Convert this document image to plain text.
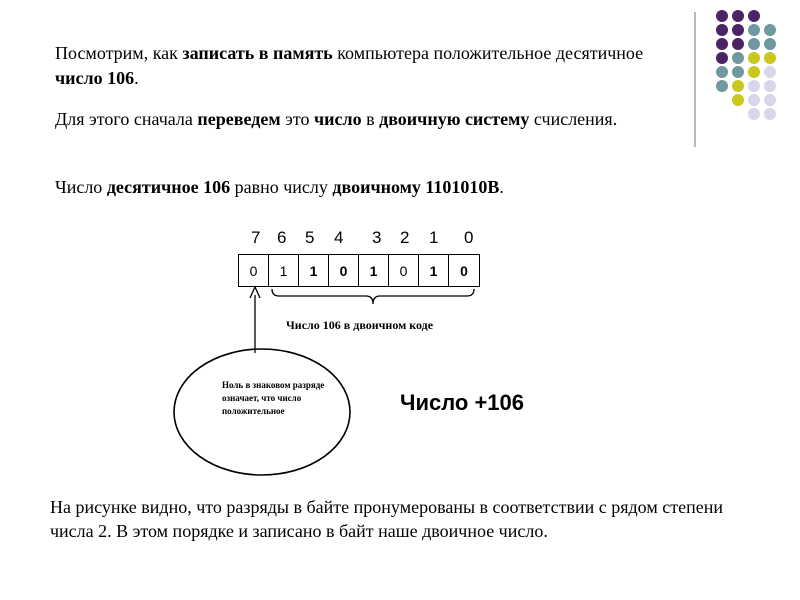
Посмотрим, как записать в память компьютера положительное десятичное число 106.
Для этого сначала переведем это число в двоичную систему счисления.
Число десятичное 106 равно числу двоичному 1101010В.
7 6 5 4 3 2 1 0
0	1	1	0	1	0	1	0
Число 106 в двоичном коде
Ноль в знаковом разряде означает, что число положительное	Число +106
На рисунке видно, что разряды в байте пронумерованы в соответствии с рядом степени числа 2. В этом порядке и записано в байт наше двоичное число.
